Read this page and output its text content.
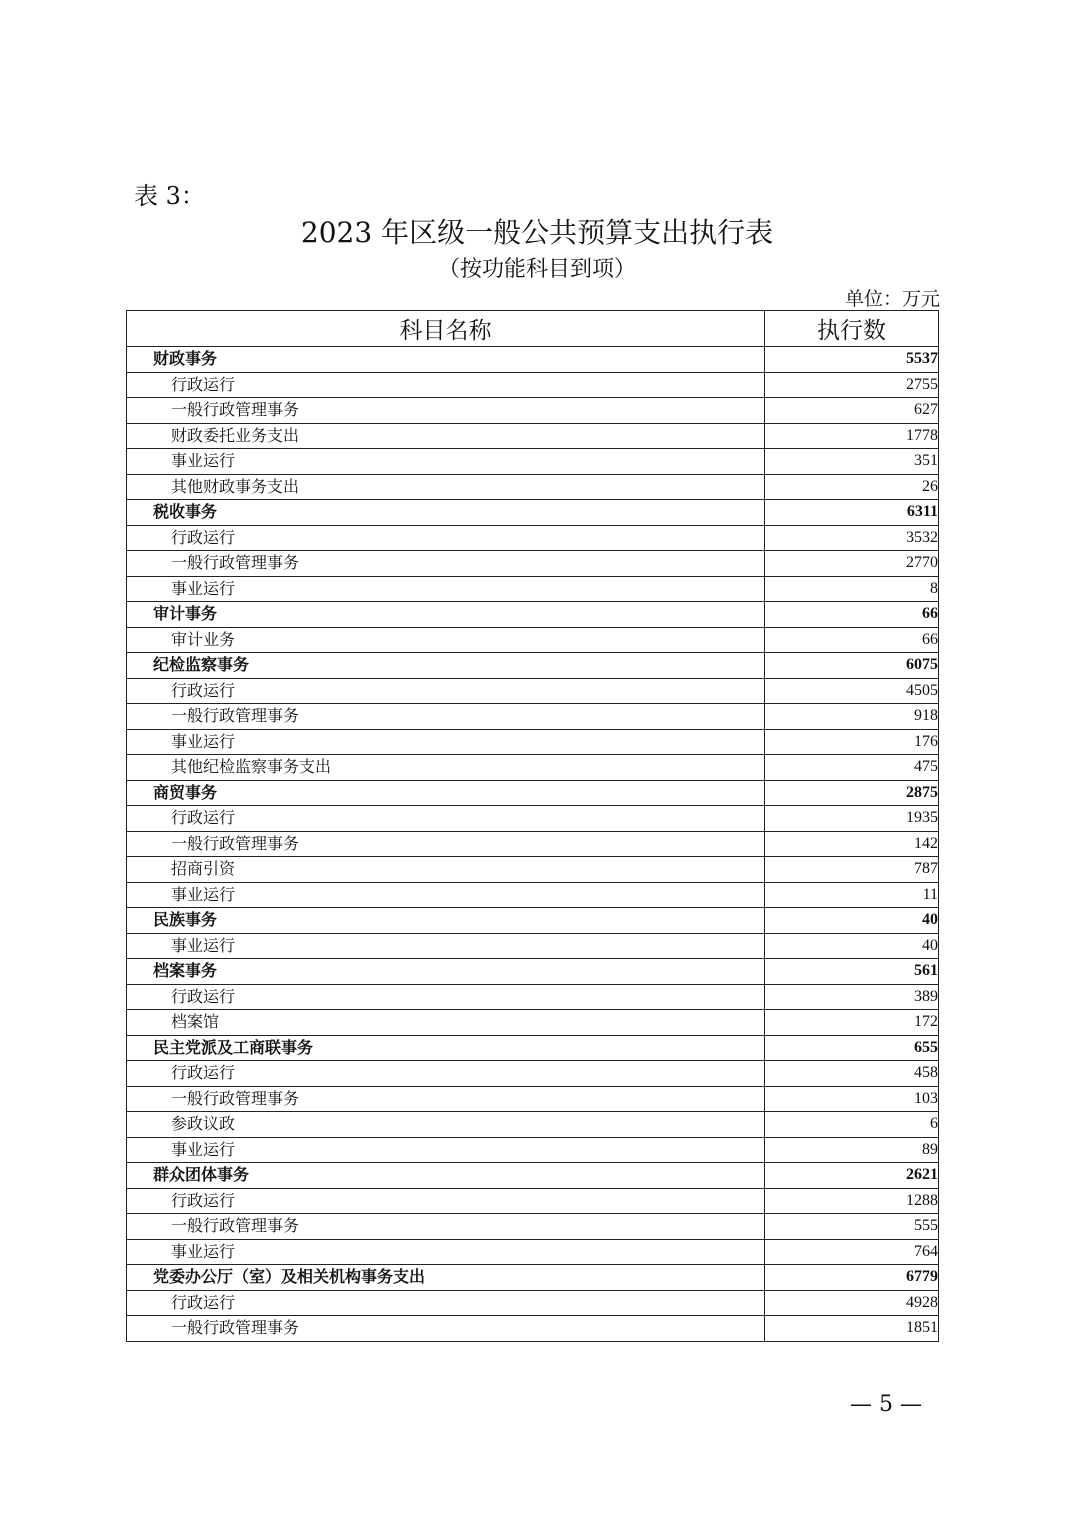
表 3：
2023 年区级一般公共预算支出执行表
（按功能科目到项）
单位：万元
科目名称	执行数
财政事务	5537
行政运行	2755
一般行政管理事务	627
财政委托业务支出	1778
事业运行	351
其他财政事务支出	26
税收事务	6311
行政运行	3532
一般行政管理事务	2770
事业运行	8
审计事务	66
审计业务	66
纪检监察事务	6075
行政运行	4505
一般行政管理事务	918
事业运行	176
其他纪检监察事务支出	475
商贸事务	2875
行政运行	1935
一般行政管理事务	142
招商引资	787
事业运行	11
民族事务	40
事业运行	40
档案事务	561
行政运行	389
档案馆	172
民主党派及工商联事务	655
行政运行	458
一般行政管理事务	103
参政议政	6
事业运行	89
群众团体事务	2621
行政运行	1288
一般行政管理事务	555
事业运行	764
党委办公厅（室）及相关机构事务支出	6779
行政运行	4928
一般行政管理事务	1851
— 5 —
